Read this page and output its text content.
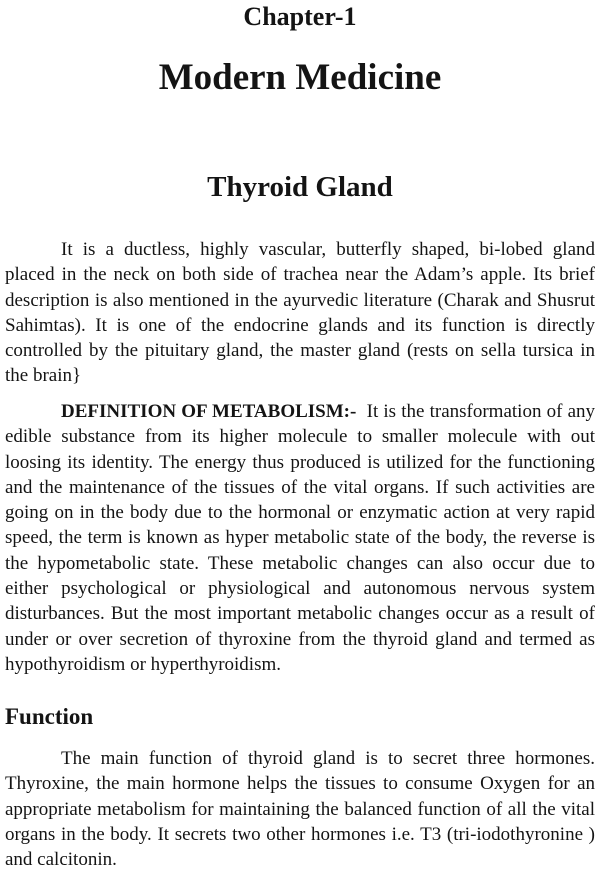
Chapter-1
Modern Medicine
Thyroid Gland

It is a ductless, highly vascular, butterfly shaped, bi-lobed gland placed in the neck on both side of trachea near the Adam’s apple. Its brief description is also mentioned in the ayurvedic literature (Charak and Shusrut Sahimtas). It is one of the endocrine glands and its function is directly controlled by the pituitary gland, the master gland (rests on sella tursica in the brain}

DEFINITION OF METABOLISM:- It is the transformation of any edible substance from its higher molecule to smaller molecule with out loosing its identity. The energy thus produced is utilized for the functioning and the maintenance of the tissues of the vital organs. If such activities are going on in the body due to the hormonal or enzymatic action at very rapid speed, the term is known as hyper metabolic state of the body, the reverse is the hypometabolic state. These metabolic changes can also occur due to either psychological or physiological and autonomous nervous system disturbances. But the most important metabolic changes occur as a result of under or over secretion of thyroxine from the thyroid gland and termed as hypothyroidism or hyperthyroidism.

Function

The main function of thyroid gland is to secret three hormones. Thyroxine, the main hormone helps the tissues to consume Oxygen for an appropriate metabolism for maintaining the balanced function of all the vital organs in the body. It secrets two other hormones i.e. T3 (tri-iodothyronine ) and calcitonin.
